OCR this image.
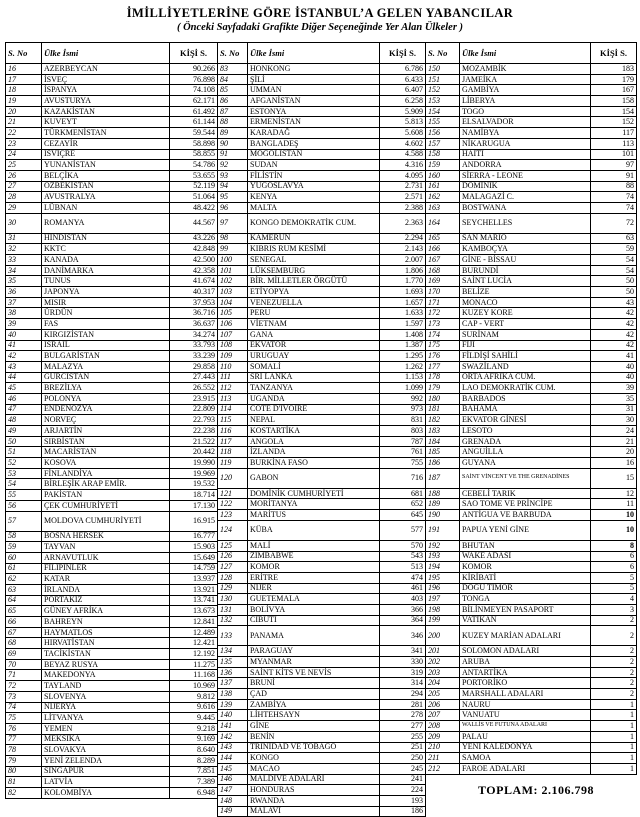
İMİLLİYETLERİNE GÖRE İSTANBUL’A GELEN YABANCILAR
( Önceki Sayfadaki Grafikte Diğer Seçeneğinde Yer Alan Ülkeler )
S. No	Ülke İsmi	KİŞİ S.
16	AZERBEYCAN	90.266
17	İSVEÇ	76.898
18	İSPANYA	74.108
19	AVUSTURYA	62.171
20	KAZAKİSTAN	61.492
21	KUVEYT	61.144
22	TÜRKMENİSTAN	59.544
23	CEZAYİR	58.898
24	İSVİÇRE	58.855
25	YUNANİSTAN	54.786
26	BELÇİKA	53.655
27	ÖZBEKİSTAN	52.119
28	AVUSTRALYA	51.064
29	LÜBNAN	48.422
30	ROMANYA	44.567
31	HİNDİSTAN	43.226
32	KKTC	42.848
33	KANADA	42.500
34	DANİMARKA	42.358
35	TUNUS	41.674
36	JAPONYA	40.317
37	MISIR	37.953
38	ÜRDÜN	36.716
39	FAS	36.637
40	KIRGIZİSTAN	34.274
41	İSRAİL	33.793
42	BULGARİSTAN	33.239
43	MALAZYA	29.858
44	GÜRCİSTAN	27.443
45	BREZİLYA	26.552
46	POLONYA	23.915
47	ENDENOZYA	22.809
48	NORVEÇ	22.793
49	ARJARTİN	22.238
50	SIRBİSTAN	21.522
51	MACARİSTAN	20.442
52	KOSOVA	19.990
53	FİNLANDİYA	19.969
54	BİRLEŞİK ARAP EMİR.	19.532
55	PAKİSTAN	18.714
56	ÇEK CUMHURİYETİ	17.130
57	MOLDOVA CUMHURİYETİ	16.915
58	BOSNA HERSEK	16.777
59	TAYVAN	15.903
60	ARNAVUTLUK	15.649
61	FİLİPİNLER	14.759
62	KATAR	13.937
63	İRLANDA	13.921
64	PORTAKİZ	13.741
65	GÜNEY AFRİKA	13.673
66	BAHREYN	12.841
67	HAYMATLOS	12.489
68	HIRVATİSTAN	12.421
69	TACİKİSTAN	12.192
70	BEYAZ RUSYA	11.275
71	MAKEDONYA	11.168
72	TAYLAND	10.969
73	SLOVENYA	9.812
74	NİJERYA	9.616
75	LİTVANYA	9.445
76	YEMEN	9.218
77	MEKSİKA	9.169
78	SLOVAKYA	8.640
79	YENİ ZELENDA	8.289
80	SİNGAPUR	7.851
81	LATVİA	7.389
82	KOLOMBİYA	6.948
S. No	Ülke İsmi	KİŞİ S.
83	HONKONG	6.786
84	ŞİLİ	6.433
85	UMMAN	6.407
86	AFGANİSTAN	6.258
87	ESTONYA	5.909
88	ERMENİSTAN	5.813
89	KARADAĞ	5.608
90	BANGLADEŞ	4.602
91	MOĞOLİSTAN	4.588
92	SUDAN	4.316
93	FİLİSTİN	4.095
94	YUGOSLAVYA	2.731
95	KENYA	2.571
96	MALTA	2.388
97	KONGO DEMOKRATİK CUM.	2.363
98	KAMERUN	2.294
99	KIBRIS RUM KESİMİ	2.143
100	SENEGAL	2.007
101	LÜKSEMBURG	1.806
102	BİR. MİLLETLER ÖRGÜTÜ	1.770
103	ETİYOPYA	1.693
104	VENEZUELLA	1.657
105	PERU	1.633
106	VİETNAM	1.597
107	GANA	1.408
108	EKVATOR	1.387
109	URUGUAY	1.295
110	SOMALİ	1.262
111	SRİ LANKA	1.153
112	TANZANYA	1.099
113	UGANDA	992
114	COTE D'IVOİRE	973
115	NEPAL	831
116	KOSTARTİKA	803
117	ANGOLA	787
118	İZLANDA	761
119	BURKİNA FASO	755
120	GABON	716
121	DOMİNİK CUMHURİYETİ	681
122	MORİTANYA	652
123	MARİTUS	645
124	KÜBA	577
125	MALİ	570
126	ZİMBABWE	543
127	KOMOR	513
128	ERİTRE	474
129	NİJER	461
130	GUETEMALA	403
131	BOLİVYA	366
132	CİBUTİ	364
133	PANAMA	346
134	PARAGUAY	341
135	MYANMAR	330
136	SAİNT KİTS VE NEVİS	319
137	BRUNİ	314
138	ÇAD	294
139	ZAMBİYA	281
140	LİHTEHSAYN	278
141	GİNE	277
142	BENİN	255
143	TRİNİDAD VE TOBAGO	251
144	KONGO	250
145	MACAO	245
146	MALDİVE ADALARI	241
147	HONDURAS	224
148	RWANDA	193
149	MALAVİ	186
S. No	Ülke İsmi	KİŞİ S.
150	MOZAMBİK	183
151	JAMEİKA	179
152	GAMBİYA	167
153	LİBERYA	158
154	TOGO	154
155	ELSALVADOR	152
156	NAMİBYA	117
157	NİKARUGUA	113
158	HAİTİ	101
159	ANDORRA	97
160	SİERRA - LEONE	91
161	DOMİNİK	88
162	MALAGAZİ C.	74
163	BOSTWANA	74
164	SEYCHELLES	72
165	SAN MARİO	63
166	KAMBOÇYA	59
167	GİNE - BİSSAU	54
168	BURUNDİ	54
169	SAİNT LUCİA	50
170	BELİZE	50
171	MONACO	43
172	KUZEY KORE	42
173	CAP - VERT	42
174	SURİNAM	42
175	FİJİ	42
176	FİLDİŞİ SAHİLİ	41
177	SWAZİLAND	40
178	ORTA AFRİKA CUM.	40
179	LAO DEMOKRATİK CUM.	39
180	BARBADOS	35
181	BAHAMA	31
182	EKVATOR GİNESİ	30
183	LESOTO	24
184	GRENADA	21
185	ANGUİLLA	20
186	GUYANA	16
187	SAİNT VİNCENT VE THE GRENADİNES	15
188	CEBELİ TARIK	12
189	SAO TOME VE PRİNCİPE	11
190	ANTİGUA VE BARBUDA	10
191	PAPUA YENİ GİNE	10
192	BHUTAN	8
193	WAKE ADASI	6
194	KOMOR	6
195	KİRİBATİ	5
196	DOĞU TİMOR	5
197	TONGA	4
198	BİLİNMEYEN PASAPORT	3
199	VATİKAN	2
200	KUZEY MARİAN ADALARI	2
201	SOLOMON ADALARI	2
202	ARUBA	2
203	ANTARTİKA	2
204	PORTORİKO	2
205	MARSHALL ADALARI	2
206	NAURU	1
207	VANUATU	1
208	WALLİS VE FUTUNA ADALARI	1
209	PALAU	1
210	YENİ KALEDONYA	1
211	SAMOA	1
212	FAROE ADALARI	1
TOPLAM: 2.106.798
